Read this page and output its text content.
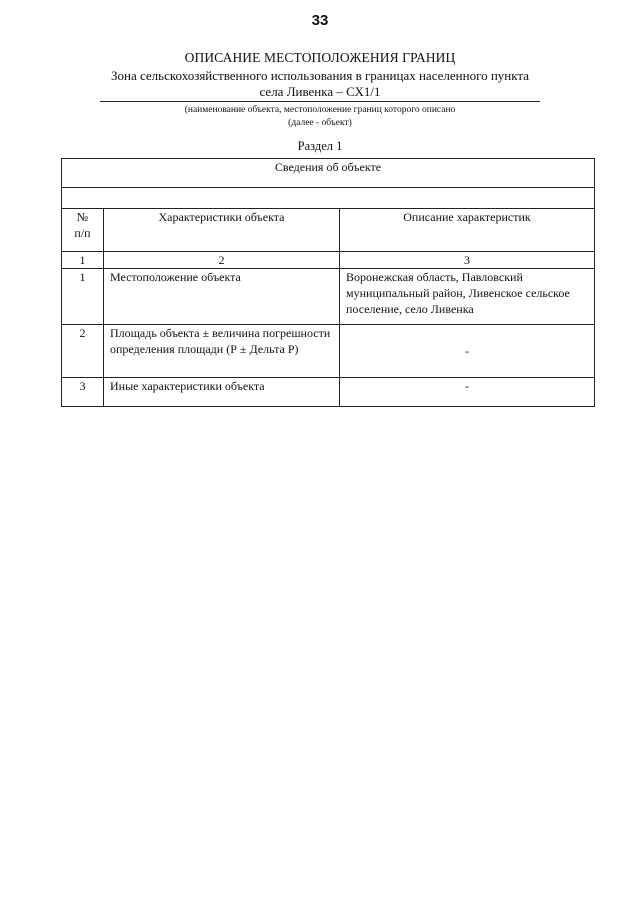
33
ОПИСАНИЕ МЕСТОПОЛОЖЕНИЯ ГРАНИЦ
Зона сельскохозяйственного использования в границах населенного пункта
села Ливенка – СХ1/1
(наименование объекта, местоположение границ которого описано
(далее - объект)
Раздел 1
Сведения об объекте		

№
п/п	Характеристики объекта	Описание характеристик
1	2	3
1	Местоположение объекта	Воронежская область, Павловский муниципальный район, Ливенское сельское поселение, село Ливенка
2	Площадь объекта ± величина погрешности определения площади (Р ± Дельта Р)	-
3	Иные характеристики объекта	-
